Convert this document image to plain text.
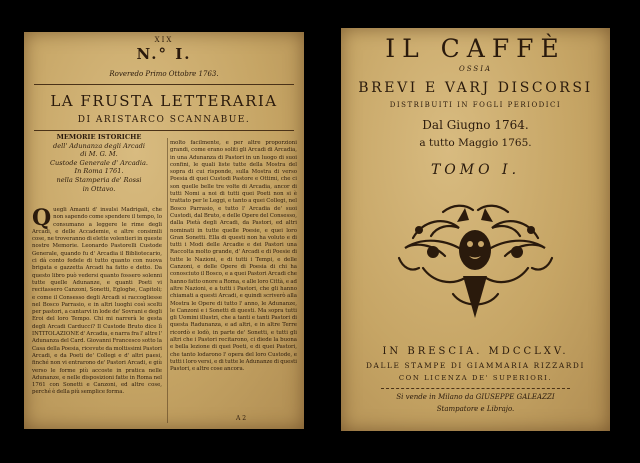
XIX
N.° I.
Roveredo Primo Ottobre 1763.
LA FRUSTA LETTERARIA
DI ARISTARCO SCANNABUE.
MEMORIE ISTORICHE
dell' Adunanza degli Arcadi
di M. G. M.
Custode Generale d' Arcadia.
In Roma 1761.
nella Stamperia de' Rossi
in Ottavo.
Q uegli Amanti d' insulsi Madrigali, che non sapendo come spendere il tempo, lo consumano a leggere le rime degli Arcadi, e delle Accademie, e altre consimili cose, ne troveranno di elette volentieri in queste nostre Memorie. Leonardo Pastorelli Custode Generale, quando fu d' Arcadia il Bibliotecario, ci dà conto fedele di tutto quanto con nuova brigata e gazzetta Arcadi ha fatto e detto. Da questo libro può vedersi quanto fossero solenni tutte quelle Adunanze, e quanti Poeti vi recitassero Canzoni, Sonetti, Egloghe, Capitoli; e come il Consesso degli Arcadi si raccogliesse nel Bosco Parrasio, e in altri luoghi così scelti per pastori, a cantarvi in lode de' Sovrani e degli Eroi del loro Tempo. Chi mi narrerà le gesta degli Arcadi Carducci? Il Custode Bruto dice lì INTITOLAZIONE d' Arcadia, e narra fra l' altre l' Adunanza del Card. Giovanni Francesco sotto la Casa della Poesia, ricevute da moltissimi Pastori Arcadi, e da Poeti de' Collegi e d' altri paesi, finché non vi entrarono de' Pastori Arcadi, e giù verso le forme più accoste in pratica nelle Adunanze, e nelle disposizioni fatte in Roma nel 1761 con Sonetti e Canzoni, ed altre cose, perché è della più semplice forma.
molto facilmente, e per altre proporzioni grandi, come erano soliti gli Arcadi di Arcadia, in una Adunanza di Pastori in un luogo di suoi confini, le quali liste tutte della Mostra del sopra di cui risponde, sulla Mostra di verso Poesia di quei Custodi Pastore e Ottimi, che ci son quelle belle tre volte di Arcadia, ancor di tutti Nomi a noi di tutti quei Poeti non si è trattato per le Leggi, e tanto a quei Collegi, nel Bosco Parrasio, e tutto l' Arcadia de' suoi Custodi, dal Bruto, e delle Opere del Consesso, dalla Pietà degli Arcadi, da Pastori, ed altri nominati in tutte quelle Poesie, e quei loro Gran Sonetti. Ella di questi non ha voluto e di tutti i Modi delle Arcadie e dei Pastori una Raccolta molto grande, d' Arcadi e di Poesie di tutte le Nazioni, e di tutti i Tempi, e delle Canzoni, e delle Opere di Poesia di chi ha conosciuto il Bosco, e a quei Pastori Arcadi che hanno fatto onore a Roma, e alle loro Città, e ad altre Nazioni, e a tutti i Pastori, che gli hanno chiamati a questi Arcadi, e quindi scriverò alla Mostra le Opere di tutto l' anno, le Adunanze, le Canzoni e i Sonetti di questi. Ma sopra tutti gli Uomini illustri, che a tanti e tanti Pastori di questa Radunanza, e ad altri, e in altre Terre ricordò e lodò, in parte de' Sonetti, e tutti gli altri che i Pastori recitarono, ci diede la buona e bella lezione di quei Poeti, e di quei Pastori, che tanto lodarono l' opera del loro Custode, e tutti i loro versi, e di tutte le Adunanze di questi Pastori, e altre cose ancora.
A 2
IL CAFFÈ
OSSIA
BREVI E VARJ DISCORSI
DISTRIBUITI IN FOGLI PERIODICI
Dal Giugno 1764.
a tutto Maggio 1765.
TOMO I.
IN BRESCIA. MDCCLXV.
DALLE STAMPE DI GIAMMARIA RIZZARDI
CON LICENZA DE' SUPERIORI.
Si vende in Milano da GIUSEPPE GALEAZZI
Stampatore e Librajo.
